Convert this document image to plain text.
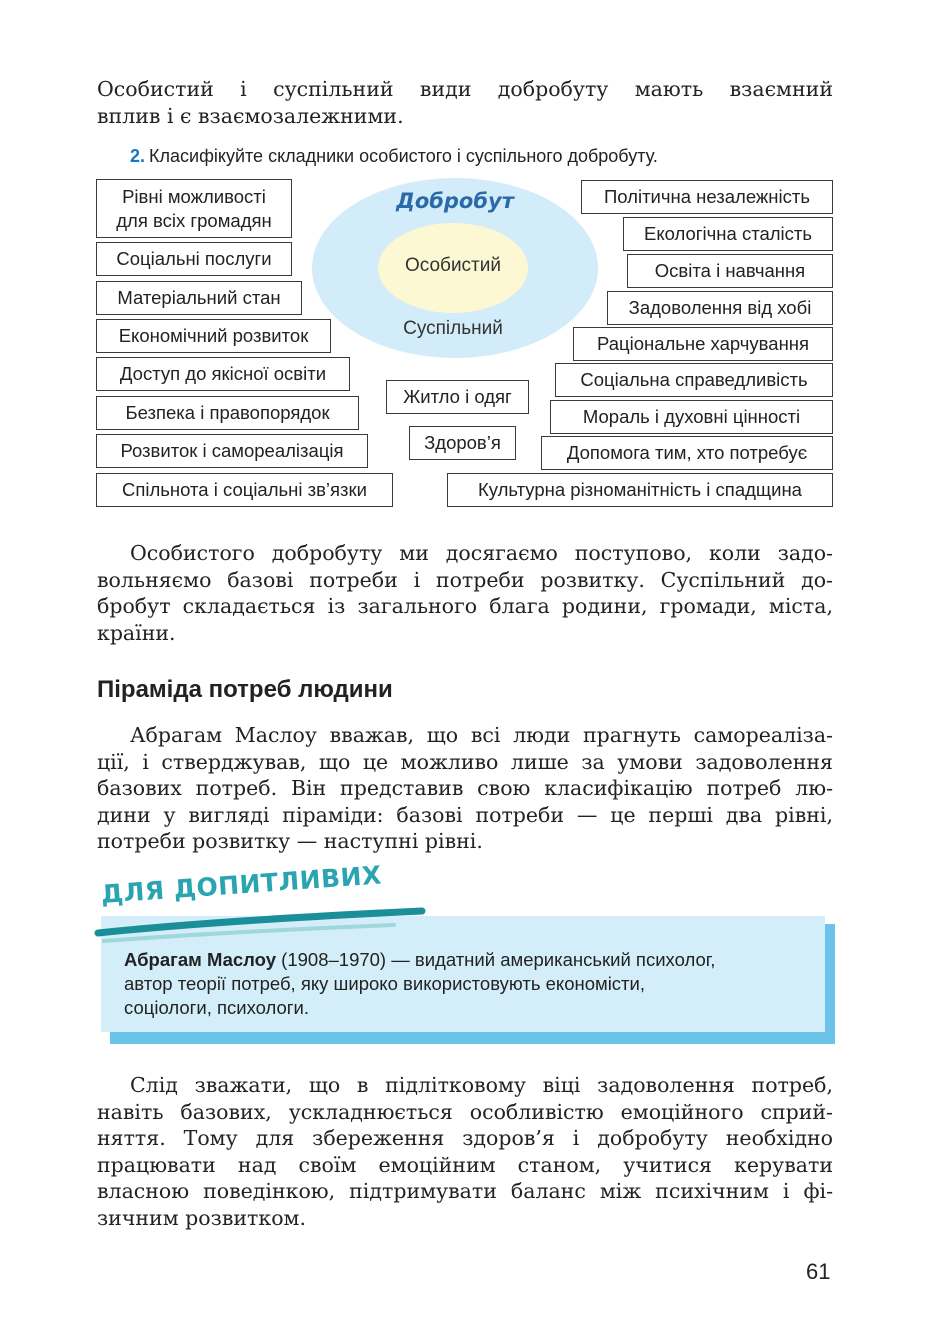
Особистий і суспільний види добробуту мають взаємний
вплив і є взаємозалежними.
2. Класифікуйте складники особистого і суспільного добробуту.
Добробут
Особистий
Суспільний
Рівні можливості
для всіх громадян
Соціальні послуги
Матеріальний стан
Економічний розвиток
Доступ до якісної освіти
Безпека і правопорядок
Розвиток і самореалізація
Спільнота і соціальні зв’язки
Житло і одяг
Здоров’я
Політична незалежність
Екологічна сталість
Освіта і навчання
Задоволення від хобі
Раціональне харчування
Соціальна справедливість
Мораль і духовні цінності
Допомога тим, хто потребує
Культурна різноманітність і спадщина
Особистого добробуту ми досягаємо поступово, коли задо-
вольняємо базові потреби і потреби розвитку. Суспільний до-
бробут складається із загального блага родини, громади, міста,
країни.
Піраміда потреб людини
Абрагам Маслоу вважав, що всі люди прагнуть самореаліза-
ції, і стверджував, що це можливо лише за умови задоволення
базових потреб. Він представив свою класифікацію потреб лю-
дини у вигляді піраміди: базові потреби — це перші два рівні,
потреби розвитку — наступні рівні.
ДЛЯ ДОПИТЛИВИХ
Абрагам Маслоу (1908–1970) — видатний американський психолог,
автор теорії потреб, яку широко використовують економісти,
соціологи, психологи.
Слід зважати, що в підлітковому віці задоволення потреб,
навіть базових, ускладнюється особливістю емоційного сприй-
няття. Тому для збереження здоров’я і добробуту необхідно
працювати над своїм емоційним станом, учитися керувати
власною поведінкою, підтримувати баланс між психічним і фі-
зичним розвитком.
61
